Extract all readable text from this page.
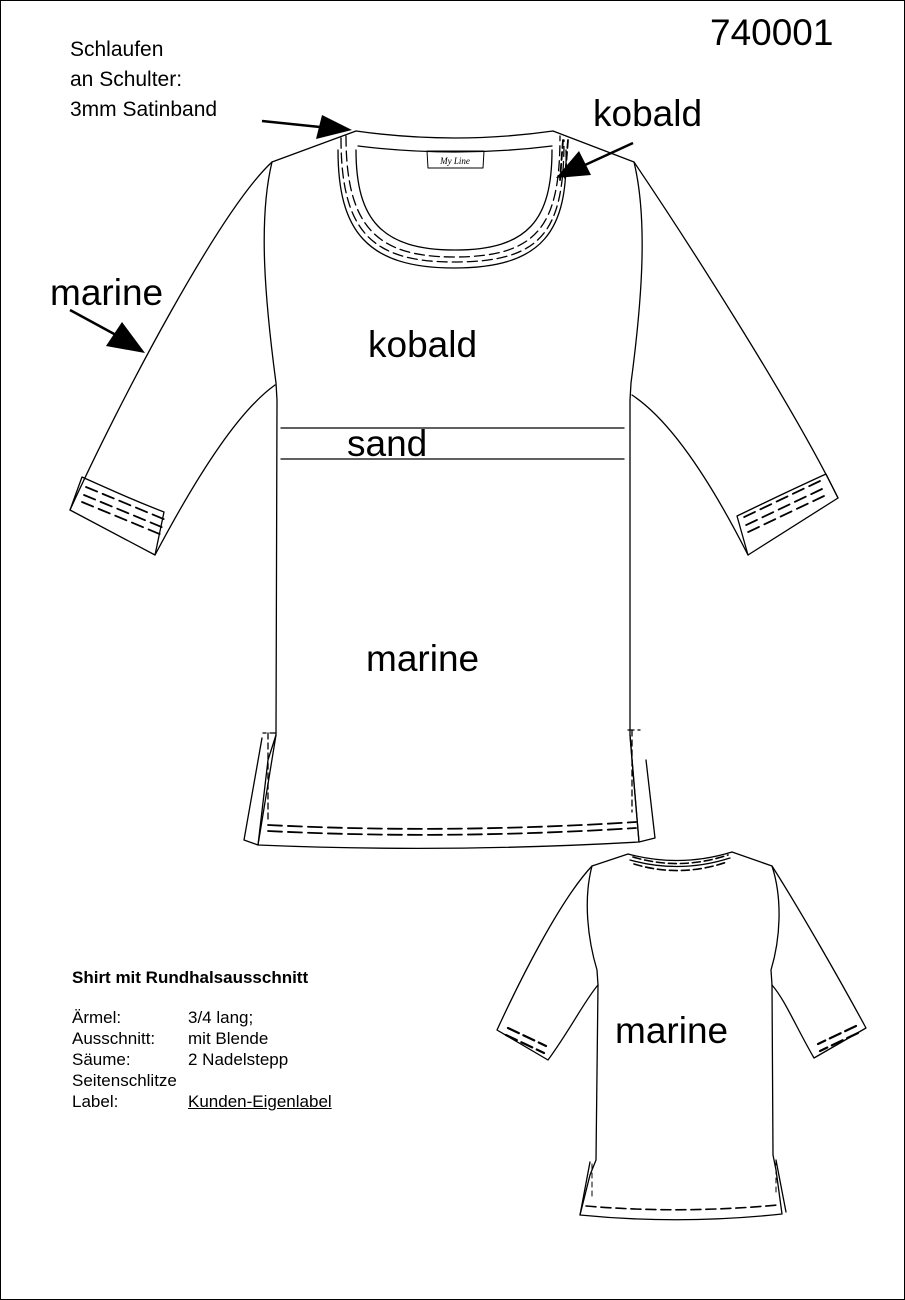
My Line
740001
Schlaufen
an Schulter:
3mm Satinband	kobald
marine
kobald
sand
marine
marine
Shirt mit Rundhalsausschnitt
Ärmel:	3/4 lang;
Ausschnitt: mit Blende
Säume:	2 Nadelstepp
Seitenschlitze
Label:	Kunden-Eigenlabel
